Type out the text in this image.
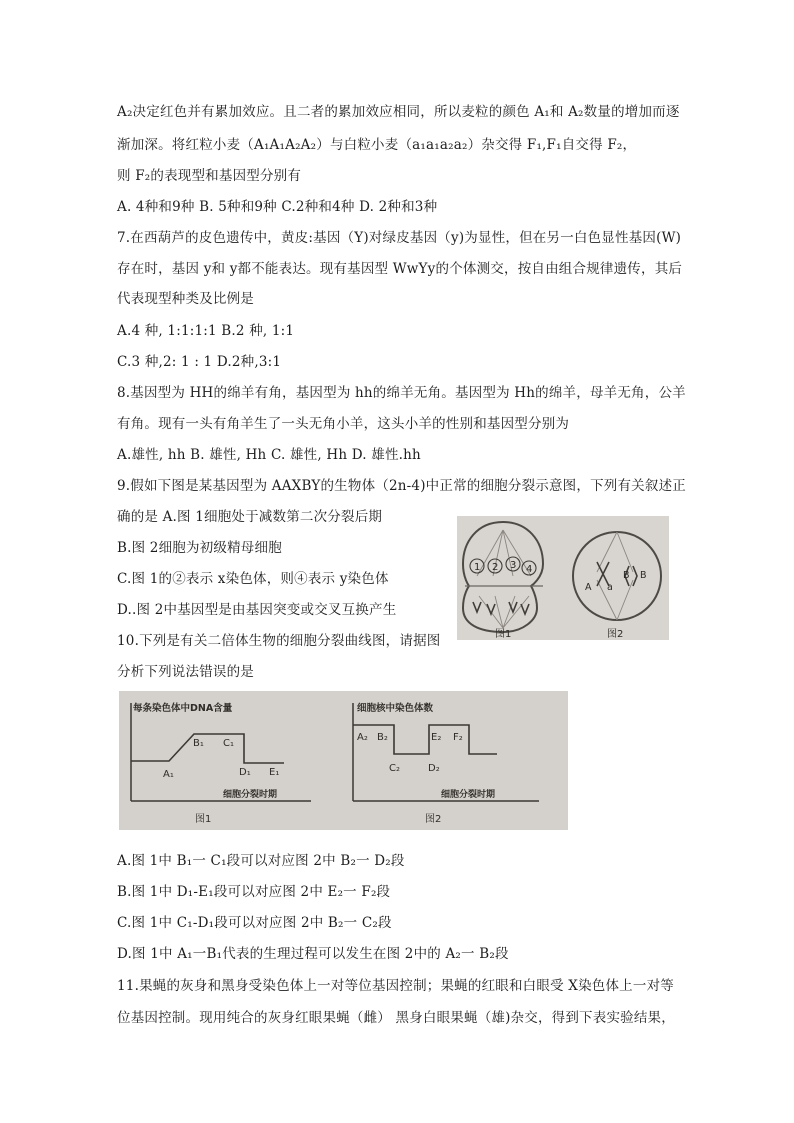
A₂决定红色并有累加效应。且二者的累加效应相同，所以麦粒的颜色 A₁和 A₂数量的增加而逐
渐加深。将红粒小麦（A₁A₁A₂A₂）与白粒小麦（a₁a₁a₂a₂）杂交得 F₁,F₁自交得 F₂，
则 F₂的表现型和基因型分别有
A. 4种和9种 B. 5种和9种 C.2种和4种 D. 2种和3种
7.在西葫芦的皮色遗传中，黄皮:基因（Y)对绿皮基因（y)为显性，但在另一白色显性基因(W)
存在时，基因 y和 y都不能表达。现有基因型 WwYy的个体测交，按自由组合规律遗传，其后
代表现型种类及比例是
A.4 种, 1:1:1:1 B.2 种, 1:1
C.3 种,2: 1 : 1 D.2种,3:1
8.基因型为 HH的绵羊有角，基因型为 hh的绵羊无角。基因型为 Hh的绵羊，母羊无角，公羊
有角。现有一头有角羊生了一头无角小羊，这头小羊的性别和基因型分别为
A.雄性, hh B. 雄性, Hh C. 雄性, Hh D. 雄性.hh
9.假如下图是某基因型为 AAXBY的生物体（2n-4)中正常的细胞分裂示意图，下列有关叙述正
确的是 A.图 1细胞处于减数第二次分裂后期
B.图 2细胞为初级精母细胞
C.图 1的②表示 x染色体，则④表示 y染色体
D..图 2中基因型是由基因突变或交叉互换产生
10.下列是有关二倍体生物的细胞分裂曲线图，请据图
分析下列说法错误的是
A.图 1中 B₁一 C₁段可以对应图 2中 B₂一 D₂段
B.图 1中 D₁-E₁段可以对应图 2中 E₂一 F₂段
C.图 1中 C₁-D₁段可以对应图 2中 B₂一 C₂段
D.图 1中 A₁一B₁代表的生理过程可以发生在图 2中的 A₂一 B₂段
11.果蝇的灰身和黑身受染色体上一对等位基因控制；果蝇的红眼和白眼受 X染色体上一对等
位基因控制。现用纯合的灰身红眼果蝇（雌） 黑身白眼果蝇（雄)杂交，得到下表实验结果，
1 2 3 4
A a
B B
图1	图2
每条染色体中DNA含量
A₁
B₁ C₁
D₁ E₁
细胞分裂时期
图1
细胞核中染色体数
A₂ B₂
C₂	D₂
E₂ F₂
细胞分裂时期
图2
